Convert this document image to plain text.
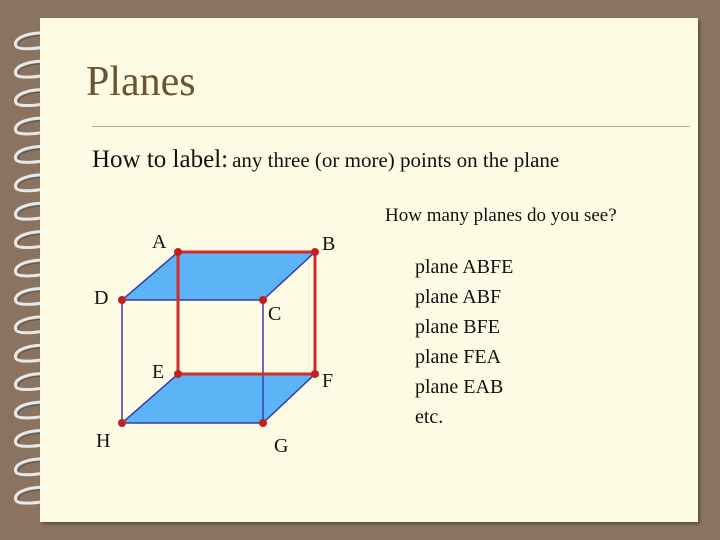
Planes
How to label: any three (or more) points on the plane
How many planes do you see?
plane ABFE
plane ABF
plane BFE
plane FEA
plane EAB
etc.
A	B
C
D
E	F
G
H
